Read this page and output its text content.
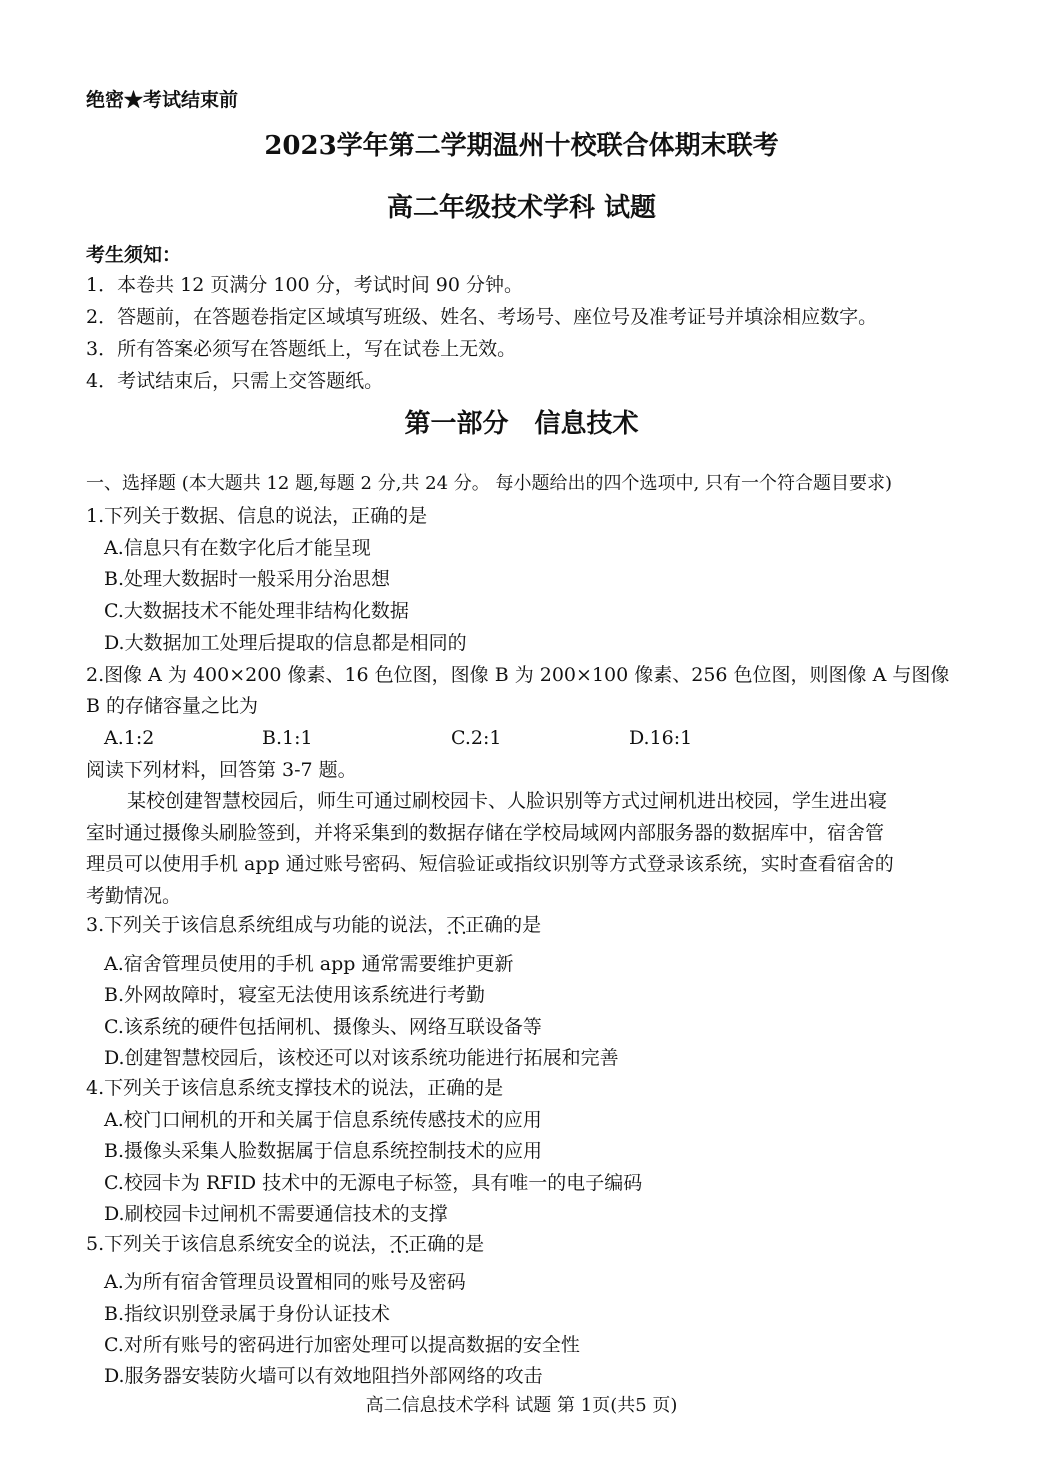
绝密★考试结束前
2023学年第二学期温州十校联合体期末联考
高二年级技术学科 试题
考生须知：
1．本卷共 12 页满分 100 分，考试时间 90 分钟。
2．答题前，在答题卷指定区域填写班级、姓名、考场号、座位号及准考证号并填涂相应数字。
3．所有答案必须写在答题纸上，写在试卷上无效。
4．考试结束后，只需上交答题纸。
第一部分　信息技术
一、选择题 (本大题共 12 题,每题 2 分,共 24 分。 每小题给出的四个选项中, 只有一个符合题目要求)
1.下列关于数据、信息的说法，正确的是
A.信息只有在数字化后才能呈现
B.处理大数据时一般采用分治思想
C.大数据技术不能处理非结构化数据
D.大数据加工处理后提取的信息都是相同的
2.图像 A 为 400×200 像素、16 色位图，图像 B 为 200×100 像素、256 色位图，则图像 A 与图像
B 的存储容量之比为
A.1:2	B.1:1	C.2:1	D.16:1
阅读下列材料，回答第 3-7 题。
某校创建智慧校园后，师生可通过刷校园卡、人脸识别等方式过闸机进出校园，学生进出寝
室时通过摄像头刷脸签到，并将采集到的数据存储在学校局域网内部服务器的数据库中，宿舍管
理员可以使用手机 app 通过账号密码、短信验证或指纹识别等方式登录该系统，实时查看宿舍的
考勤情况。
3.下列关于该信息系统组成与功能的说法，不正确 • • •的是
A.宿舍管理员使用的手机 app 通常需要维护更新
B.外网故障时，寝室无法使用该系统进行考勤
C.该系统的硬件包括闸机、摄像头、网络互联设备等
D.创建智慧校园后，该校还可以对该系统功能进行拓展和完善
4.下列关于该信息系统支撑技术的说法，正确的是
A.校门口闸机的开和关属于信息系统传感技术的应用
B.摄像头采集人脸数据属于信息系统控制技术的应用
C.校园卡为 RFID 技术中的无源电子标签，具有唯一的电子编码
D.刷校园卡过闸机不需要通信技术的支撑
5.下列关于该信息系统安全的说法，不正确 • • •的是
A.为所有宿舍管理员设置相同的账号及密码
B.指纹识别登录属于身份认证技术
C.对所有账号的密码进行加密处理可以提高数据的安全性
D.服务器安装防火墙可以有效地阻挡外部网络的攻击
高二信息技术学科 试题 第 1页(共5 页)
